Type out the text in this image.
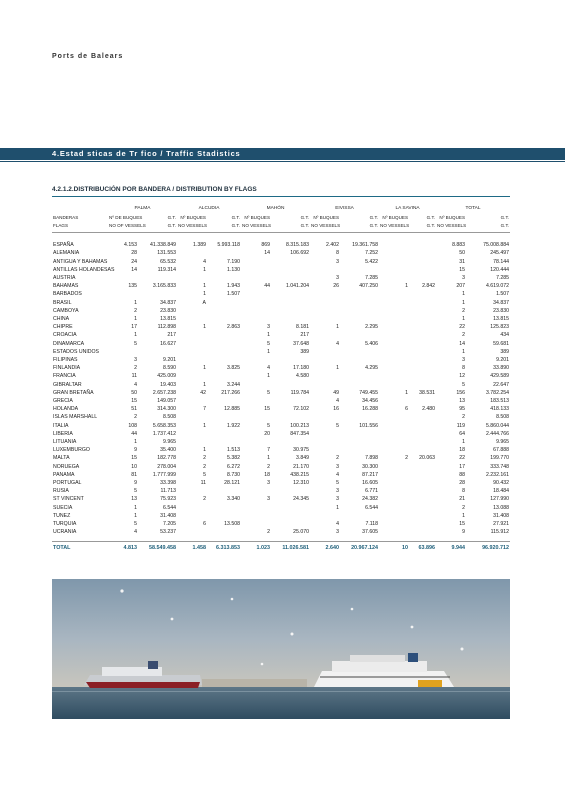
Ports de Balears
4.Estad sticas de Tr fico / Traffic Stadistics
4.2.1.2.DISTRIBUCIÓN POR BANDERA / DISTRIBUTION BY FLAGS
	PALMA		ALCUDIA		MAHÓN		EIVISSA		LA SAVINA		TOTAL	
BANDERAS	Nº DE BUQUES	G.T.	Nº BUQUES	G.T.	Nº BUQUES	G.T.	Nº BUQUES	G.T.	Nº BUQUES	G.T.	Nº BUQUES	G.T.
FLAGS	NO OF VESSELS	G.T.	NO VESSELS	G.T.	NO VESSELS	G.T.	NO VESSELS	G.T.	NO VESSELS	G.T.	NO VESSELS	G.T.

ESPAÑA	4.153	41.338.849	1.389	5.993.118	869	8.315.183	2.402	19.361.758			8.883	75.008.884
ALEMANIA	28	131.553			14	106.692	8	7.252			50	245.497
ANTIGUA Y BAHAMAS	24	65.532	4	7.190			3	5.422			31	78.144
ANTILLAS HOLANDESAS	14	119.314	1	1.130							15	120.444
AUSTRIA							3	7.285			3	7.285
BAHAMAS	135	3.165.833	1	1.943	44	1.041.204	26	407.250	1	2.842	207	4.619.072
BARBADOS			1	1.507							1	1.507
BRASIL	1	34.837	A								1	34.837
CAMBOYA	2	23.830									2	23.830
CHINA	1	13.815									1	13.815
CHIPRE	17	112.898	1	2.863	3	8.181	1	2.295			22	125.823
CROACIA	1	217			1	217					2	434
DINAMARCA	5	16.627			5	37.648	4	5.406			14	59.681
ESTADOS UNIDOS					1	389					1	389
FILIPINAS	3	9.201									3	9.201
FINLANDIA	2	8.590	1	3.825	4	17.180	1	4.295			8	33.890
FRANCIA	11	425.009			1	4.580					12	429.589
GIBRALTAR	4	19.403	1	3.244							5	22.647
GRAN BRETAÑA	50	2.657.238	42	217.266	5	119.784	49	749.455	1	38.531	156	3.782.254
GRECIA	15	149.057					4	34.456			13	183.513
HOLANDA	51	314.300	7	12.885	15	72.102	16	16.288	6	2.480	95	418.133
ISLAS MARSHALL	2	8.508									2	8.508
ITALIA	108	5.658.353	1	1.922	5	100.213	5	101.556			119	5.860.044
LIBERIA	44	1.737.412			20	847.354					64	2.444.766
LITUANIA	1	9.965									1	9.965
LUXEMBURGO	9	35.400	1	1.513	7	30.975					18	67.888
MALTA	15	182.778	2	5.382	1	3.849	2	7.898	2	20.063	22	199.770
NORUEGA	10	278.004	2	6.272	2	21.170	3	30.300			17	333.748
PANAMA	81	1.777.999	5	8.730	18	438.215	4	87.217			88	2.232.161
PORTUGAL	9	33.398	11	28.121	3	12.310	5	16.605			28	90.432
RUSIA	5	11.713					3	6.771			8	18.484
ST VINCENT	13	75.923	2	3.340	3	24.345	3	24.382			21	127.990
SUECIA	1	6.544					1	6.544			2	13.088
TUNEZ	1	31.408									1	31.408
TURQUIA	5	7.205	6	13.508			4	7.118			15	27.921
UCRANIA	4	53.237			2	25.070	3	37.605			9	115.912

TOTAL	4.813	58.549.458	1.458	6.313.853	1.023	11.026.581	2.640	20.967.124	10	63.896	9.944	96.920.712
